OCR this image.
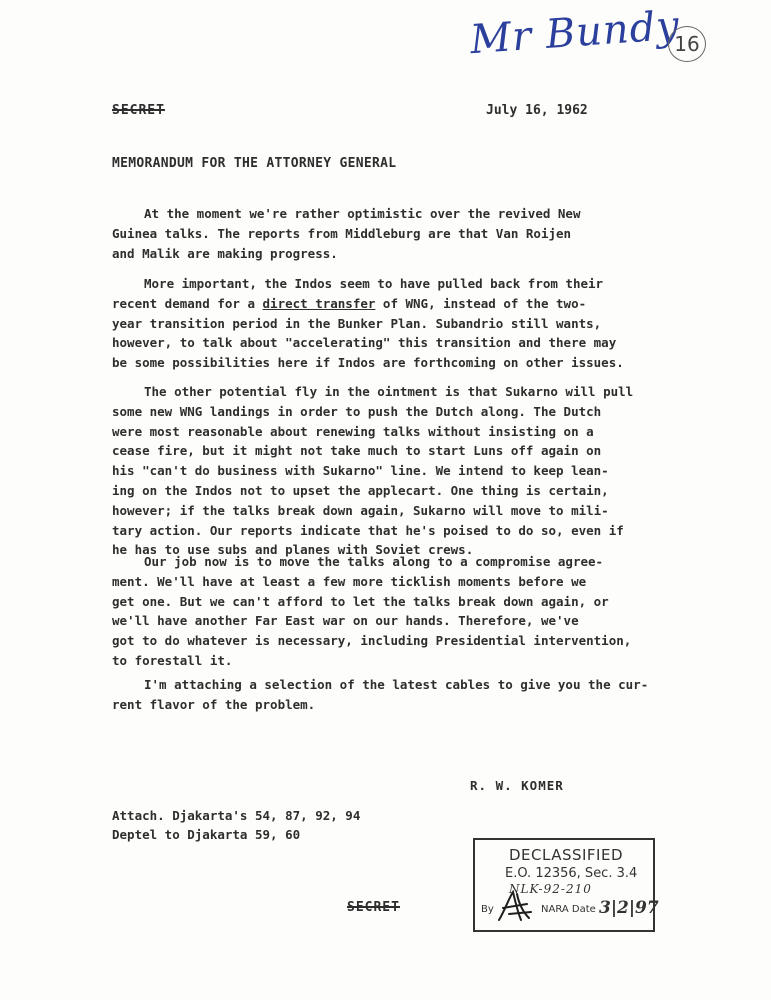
Mr Bundy
16
SECRET	July 16, 1962
MEMORANDUM FOR THE ATTORNEY GENERAL
At the moment we're rather optimistic over the revived New
Guinea talks. The reports from Middleburg are that Van Roijen
and Malik are making progress.
More important, the Indos seem to have pulled back from their
recent demand for a direct transfer of WNG, instead of the two-
year transition period in the Bunker Plan. Subandrio still wants,
however, to talk about "accelerating" this transition and there may
be some possibilities here if Indos are forthcoming on other issues.
The other potential fly in the ointment is that Sukarno will pull
some new WNG landings in order to push the Dutch along. The Dutch
were most reasonable about renewing talks without insisting on a
cease fire, but it might not take much to start Luns off again on
his "can't do business with Sukarno" line. We intend to keep lean-
ing on the Indos not to upset the applecart. One thing is certain,
however; if the talks break down again, Sukarno will move to mili-
tary action. Our reports indicate that he's poised to do so, even if
he has to use subs and planes with Soviet crews.
Our job now is to move the talks along to a compromise agree-
ment. We'll have at least a few more ticklish moments before we
get one. But we can't afford to let the talks break down again, or
we'll have another Far East war on our hands. Therefore, we've
got to do whatever is necessary, including Presidential intervention,
to forestall it.
I'm attaching a selection of the latest cables to give you the cur-
rent flavor of the problem.
R. W. KOMER
Attach. Djakarta's 54, 87, 92, 94
Deptel to Djakarta 59, 60
SECRET
DECLASSIFIED
E.O. 12356, Sec. 3.4
NLK-92-210
By	NARA Date 3|2|97
